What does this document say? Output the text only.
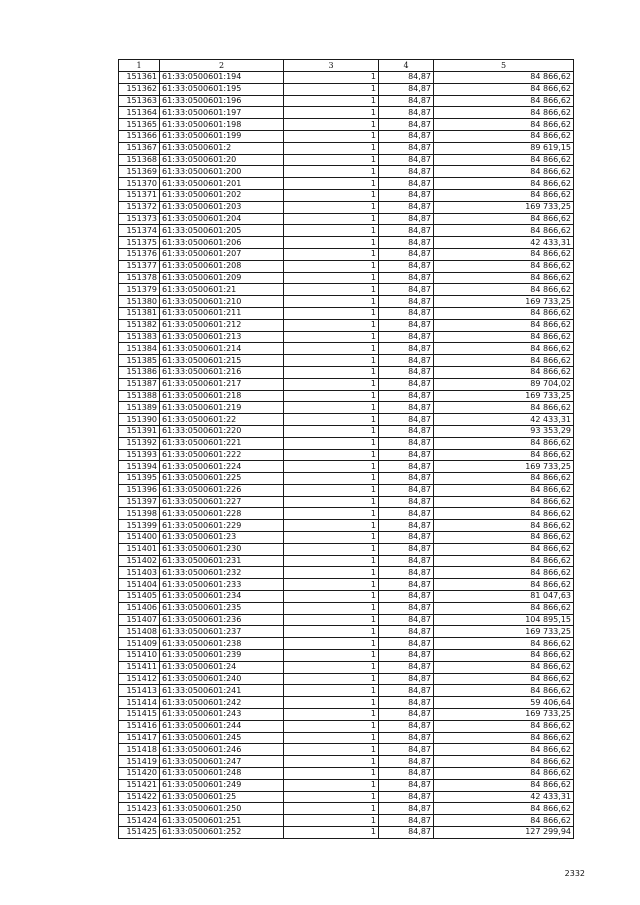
1	2	3	4	5
151361	61:33:0500601:194	1	84,87	84 866,62
151362	61:33:0500601:195	1	84,87	84 866,62
151363	61:33:0500601:196	1	84,87	84 866,62
151364	61:33:0500601:197	1	84,87	84 866,62
151365	61:33:0500601:198	1	84,87	84 866,62
151366	61:33:0500601:199	1	84,87	84 866,62
151367	61:33:0500601:2	1	84,87	89 619,15
151368	61:33:0500601:20	1	84,87	84 866,62
151369	61:33:0500601:200	1	84,87	84 866,62
151370	61:33:0500601:201	1	84,87	84 866,62
151371	61:33:0500601:202	1	84,87	84 866,62
151372	61:33:0500601:203	1	84,87	169 733,25
151373	61:33:0500601:204	1	84,87	84 866,62
151374	61:33:0500601:205	1	84,87	84 866,62
151375	61:33:0500601:206	1	84,87	42 433,31
151376	61:33:0500601:207	1	84,87	84 866,62
151377	61:33:0500601:208	1	84,87	84 866,62
151378	61:33:0500601:209	1	84,87	84 866,62
151379	61:33:0500601:21	1	84,87	84 866,62
151380	61:33:0500601:210	1	84,87	169 733,25
151381	61:33:0500601:211	1	84,87	84 866,62
151382	61:33:0500601:212	1	84,87	84 866,62
151383	61:33:0500601:213	1	84,87	84 866,62
151384	61:33:0500601:214	1	84,87	84 866,62
151385	61:33:0500601:215	1	84,87	84 866,62
151386	61:33:0500601:216	1	84,87	84 866,62
151387	61:33:0500601:217	1	84,87	89 704,02
151388	61:33:0500601:218	1	84,87	169 733,25
151389	61:33:0500601:219	1	84,87	84 866,62
151390	61:33:0500601:22	1	84,87	42 433,31
151391	61:33:0500601:220	1	84,87	93 353,29
151392	61:33:0500601:221	1	84,87	84 866,62
151393	61:33:0500601:222	1	84,87	84 866,62
151394	61:33:0500601:224	1	84,87	169 733,25
151395	61:33:0500601:225	1	84,87	84 866,62
151396	61:33:0500601:226	1	84,87	84 866,62
151397	61:33:0500601:227	1	84,87	84 866,62
151398	61:33:0500601:228	1	84,87	84 866,62
151399	61:33:0500601:229	1	84,87	84 866,62
151400	61:33:0500601:23	1	84,87	84 866,62
151401	61:33:0500601:230	1	84,87	84 866,62
151402	61:33:0500601:231	1	84,87	84 866,62
151403	61:33:0500601:232	1	84,87	84 866,62
151404	61:33:0500601:233	1	84,87	84 866,62
151405	61:33:0500601:234	1	84,87	81 047,63
151406	61:33:0500601:235	1	84,87	84 866,62
151407	61:33:0500601:236	1	84,87	104 895,15
151408	61:33:0500601:237	1	84,87	169 733,25
151409	61:33:0500601:238	1	84,87	84 866,62
151410	61:33:0500601:239	1	84,87	84 866,62
151411	61:33:0500601:24	1	84,87	84 866,62
151412	61:33:0500601:240	1	84,87	84 866,62
151413	61:33:0500601:241	1	84,87	84 866,62
151414	61:33:0500601:242	1	84,87	59 406,64
151415	61:33:0500601:243	1	84,87	169 733,25
151416	61:33:0500601:244	1	84,87	84 866,62
151417	61:33:0500601:245	1	84,87	84 866,62
151418	61:33:0500601:246	1	84,87	84 866,62
151419	61:33:0500601:247	1	84,87	84 866,62
151420	61:33:0500601:248	1	84,87	84 866,62
151421	61:33:0500601:249	1	84,87	84 866,62
151422	61:33:0500601:25	1	84,87	42 433,31
151423	61:33:0500601:250	1	84,87	84 866,62
151424	61:33:0500601:251	1	84,87	84 866,62
151425	61:33:0500601:252	1	84,87	127 299,94
2332
